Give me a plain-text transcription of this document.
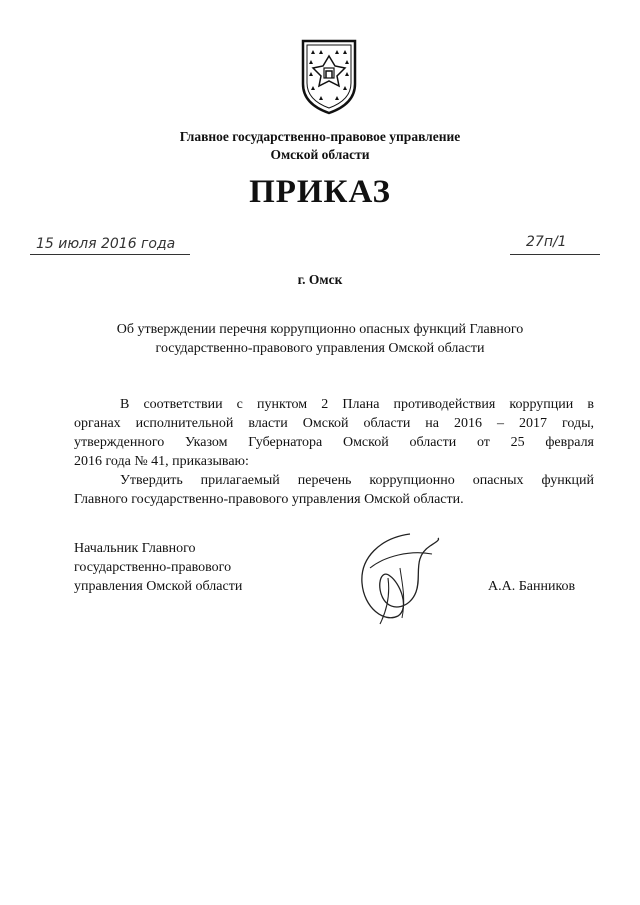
Главное государственно-правовое управление
Омской области
ПРИКАЗ
15 июля 2016 года	27п/1
г. Омск
Об утверждении перечня коррупционно опасных функций Главного
государственно-правового управления Омской области
В соответствии с пунктом 2 Плана противодействия коррупции в
органах исполнительной власти Омской области на 2016 – 2017 годы,
утвержденного Указом Губернатора Омской области от 25 февраля
2016 года № 41, приказываю:
Утвердить прилагаемый перечень коррупционно опасных функций
Главного государственно-правового управления Омской области.
Начальник Главного
государственно-правового
управления Омской области	А.А. Банников
